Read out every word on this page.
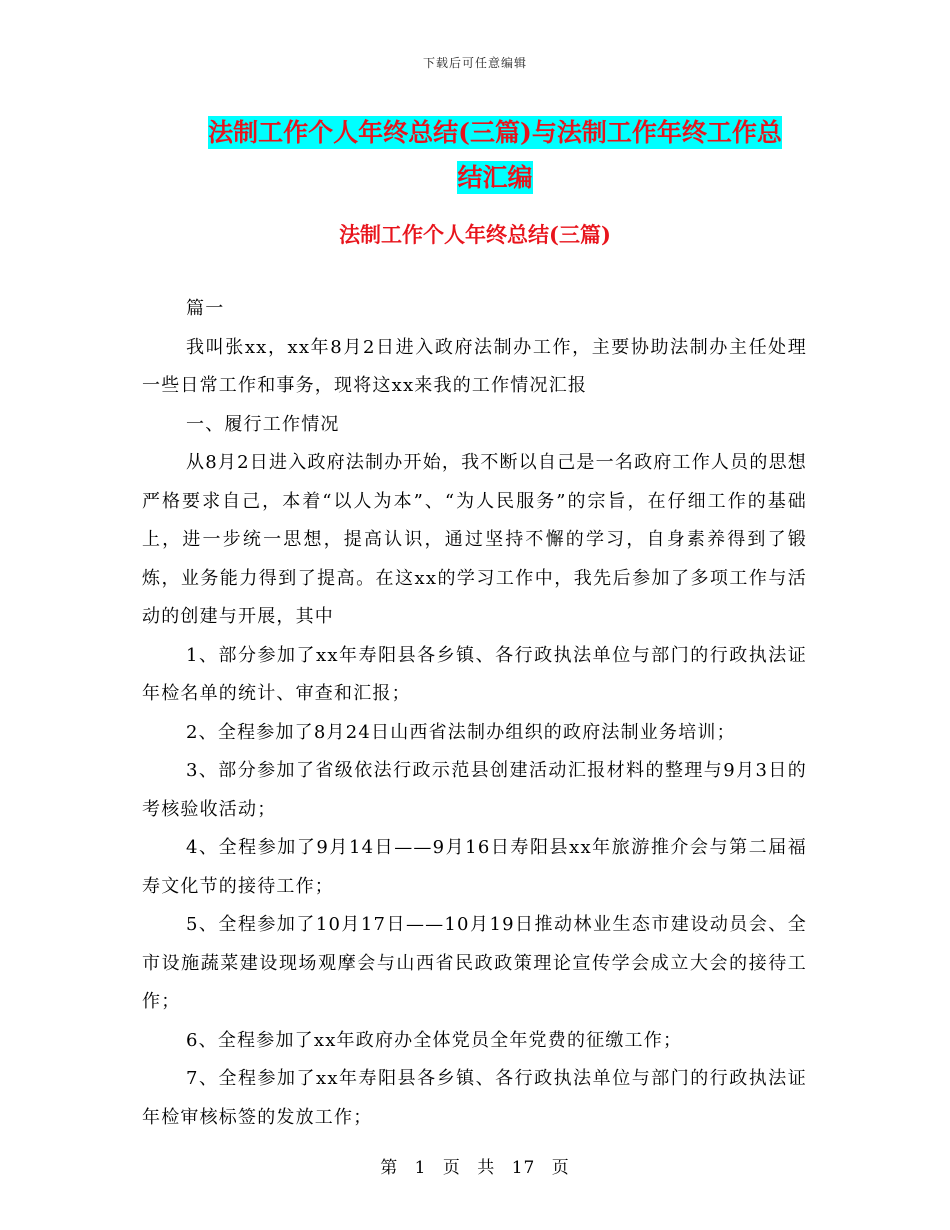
下载后可任意编辑
法制工作个人年终总结(三篇)与法制工作年终工作总
结汇编
法制工作个人年终总结(三篇)

篇一

我叫张xx，xx年8月2日进入政府法制办工作，主要协助法制办主任处理一些日常工作和事务，现将这xx来我的工作情况汇报

一、履行工作情况

从8月2日进入政府法制办开始，我不断以自己是一名政府工作人员的思想严格要求自己，本着“以人为本”、“为人民服务”的宗旨，在仔细工作的基础上，进一步统一思想，提高认识，通过坚持不懈的学习，自身素养得到了锻炼，业务能力得到了提高。在这xx的学习工作中，我先后参加了多项工作与活动的创建与开展，其中

1、部分参加了xx年寿阳县各乡镇、各行政执法单位与部门的行政执法证年检名单的统计、审查和汇报；

2、全程参加了8月24日山西省法制办组织的政府法制业务培训；

3、部分参加了省级依法行政示范县创建活动汇报材料的整理与9月3日的考核验收活动；

4、全程参加了9月14日——9月16日寿阳县xx年旅游推介会与第二届福寿文化节的接待工作；

5、全程参加了10月17日——10月19日推动林业生态市建设动员会、全市设施蔬菜建设现场观摩会与山西省民政政策理论宣传学会成立大会的接待工作；

6、全程参加了xx年政府办全体党员全年党费的征缴工作；

7、全程参加了xx年寿阳县各乡镇、各行政执法单位与部门的行政执法证年检审核标签的发放工作；

第 1 页 共 17 页
